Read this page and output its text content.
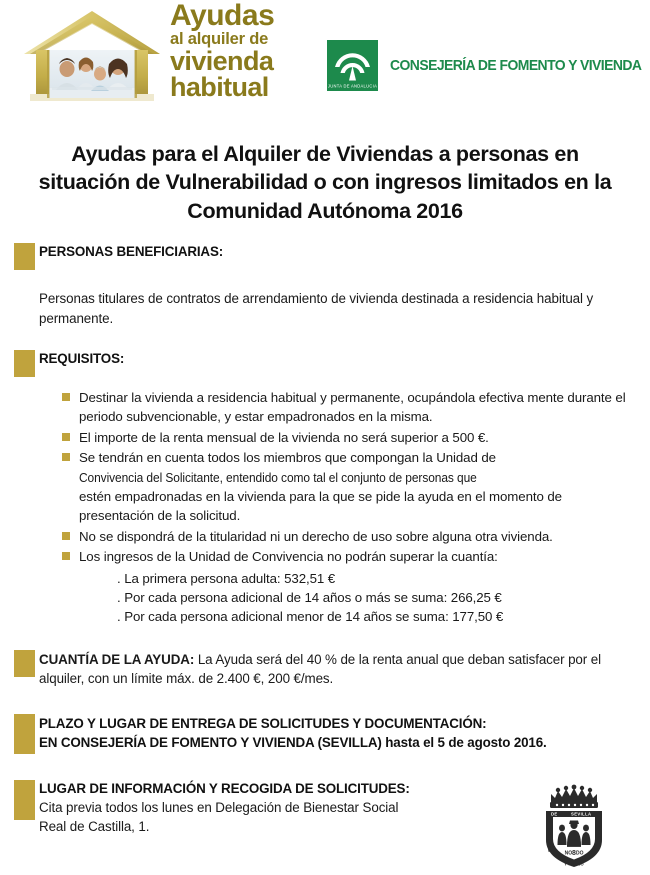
Ayudas
al alquiler de
vivienda
habitual	JUNTA DE ANDALUCIA
CONSEJERÍA DE FOMENTO Y VIVIENDA
Ayudas para el Alquiler de Viviendas a personas en situación de Vulnerabilidad o con ingresos limitados en la Comunidad Autónoma 2016
PERSONAS BENEFICIARIAS:
Personas titulares de contratos de arrendamiento de vivienda destinada a residencia habitual y permanente.
REQUISITOS:
Destinar la vivienda a residencia habitual y permanente, ocupándola efectiva mente durante el periodo subvencionable, y estar empadronados en la misma.
El importe de la renta mensual de la vivienda no será superior a 500 €.
Se tendrán en cuenta todos los miembros que compongan la Unidad de
Convivencia del Solicitante, entendido como tal el conjunto de personas que
estén empadronadas en la vivienda para la que se pide la ayuda en el momento de presentación de la solicitud.
No se dispondrá de la titularidad ni un derecho de uso sobre alguna otra vivienda.
Los ingresos de la Unidad de Convivencia no podrán superar la cuantía:
. La primera persona adulta: 532,51 €
. Por cada persona adicional de 14 años o más se suma: 266,25 €
. Por cada persona adicional menor de 14 años se suma: 177,50 €
CUANTÍA DE LA AYUDA: La Ayuda será del 40 % de la renta anual que deban satisfacer por el alquiler, con un límite máx. de 2.400 €, 200 €/mes.
PLAZO Y LUGAR DE ENTREGA DE SOLICITUDES Y DOCUMENTACIÓN:
EN CONSEJERÍA DE FOMENTO Y VIVIENDA (SEVILLA) hasta el 5 de agosto 2016.
LUGAR DE INFORMACIÓN Y RECOGIDA DE SOLICITUDES:
Cita previa todos los lunes en Delegación de Bienestar Social
Real de Castilla, 1.
DE	SEVILLA
COLLACION	CALLE
Y TOLEDO
NO 8 DO
